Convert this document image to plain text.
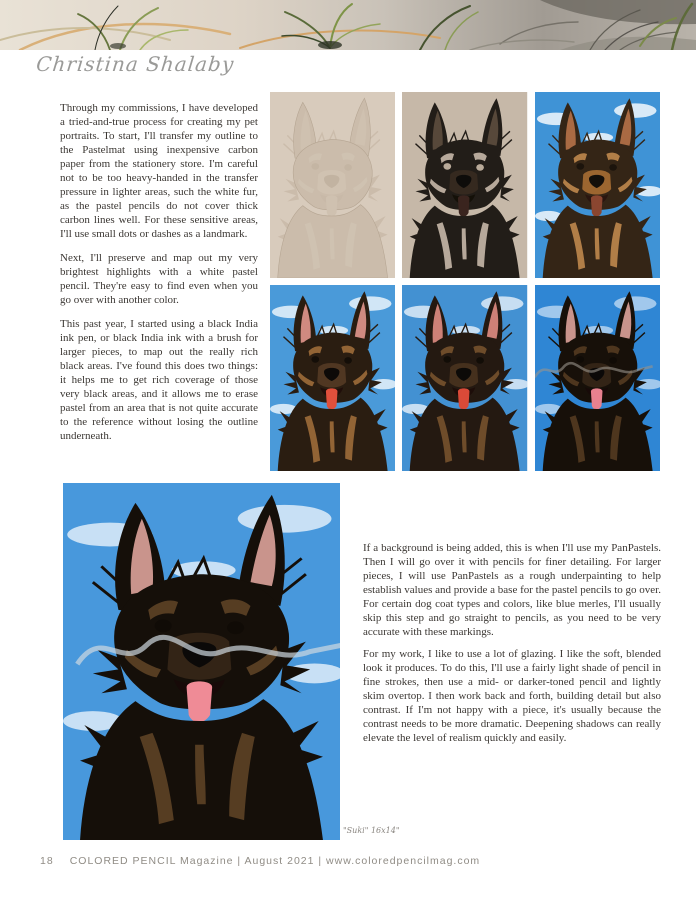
Christina Shalaby

Through my commissions, I have developed a tried-and-true process for creating my pet portraits. To start, I'll transfer my outline to the Pastelmat using inexpensive carbon paper from the stationery store. I'm careful not to be too heavy-handed in the transfer pressure in lighter areas, such the white fur, as the pastel pencils do not cover thick carbon lines well. For these sensitive areas, I'll use small dots or dashes as a landmark.

Next, I'll preserve and map out my very brightest highlights with a white pastel pencil. They're easy to find even when you go over with another color.

This past year, I started using a black India ink pen, or black India ink with a brush for larger pieces, to map out the really rich black areas. I've found this does two things: it helps me to get rich coverage of those very black areas, and it allows me to erase pastel from an area that is not quite accurate to the reference without losing the outline underneath.

"Suki" 16x14"

If a background is being added, this is when I'll use my PanPastels. Then I will go over it with pencils for finer detailing. For larger pieces, I will use PanPastels as a rough underpainting to help establish values and provide a base for the pastel pencils to go over. For certain dog coat types and colors, like blue merles, I'll usually skip this step and go straight to pencils, as you need to be very accurate with these markings.

For my work, I like to use a lot of glazing. I like the soft, blended look it produces. To do this, I'll use a fairly light shade of pencil in fine strokes, then use a mid- or darker-toned pencil and lightly skim overtop. I then work back and forth, building detail but also contrast. If I'm not happy with a piece, it's usually because the contrast needs to be more dramatic. Deepening shadows can really elevate the level of realism quickly and easily.

18 COLORED PENCIL Magazine | August 2021 | www.coloredpencilmag.com
